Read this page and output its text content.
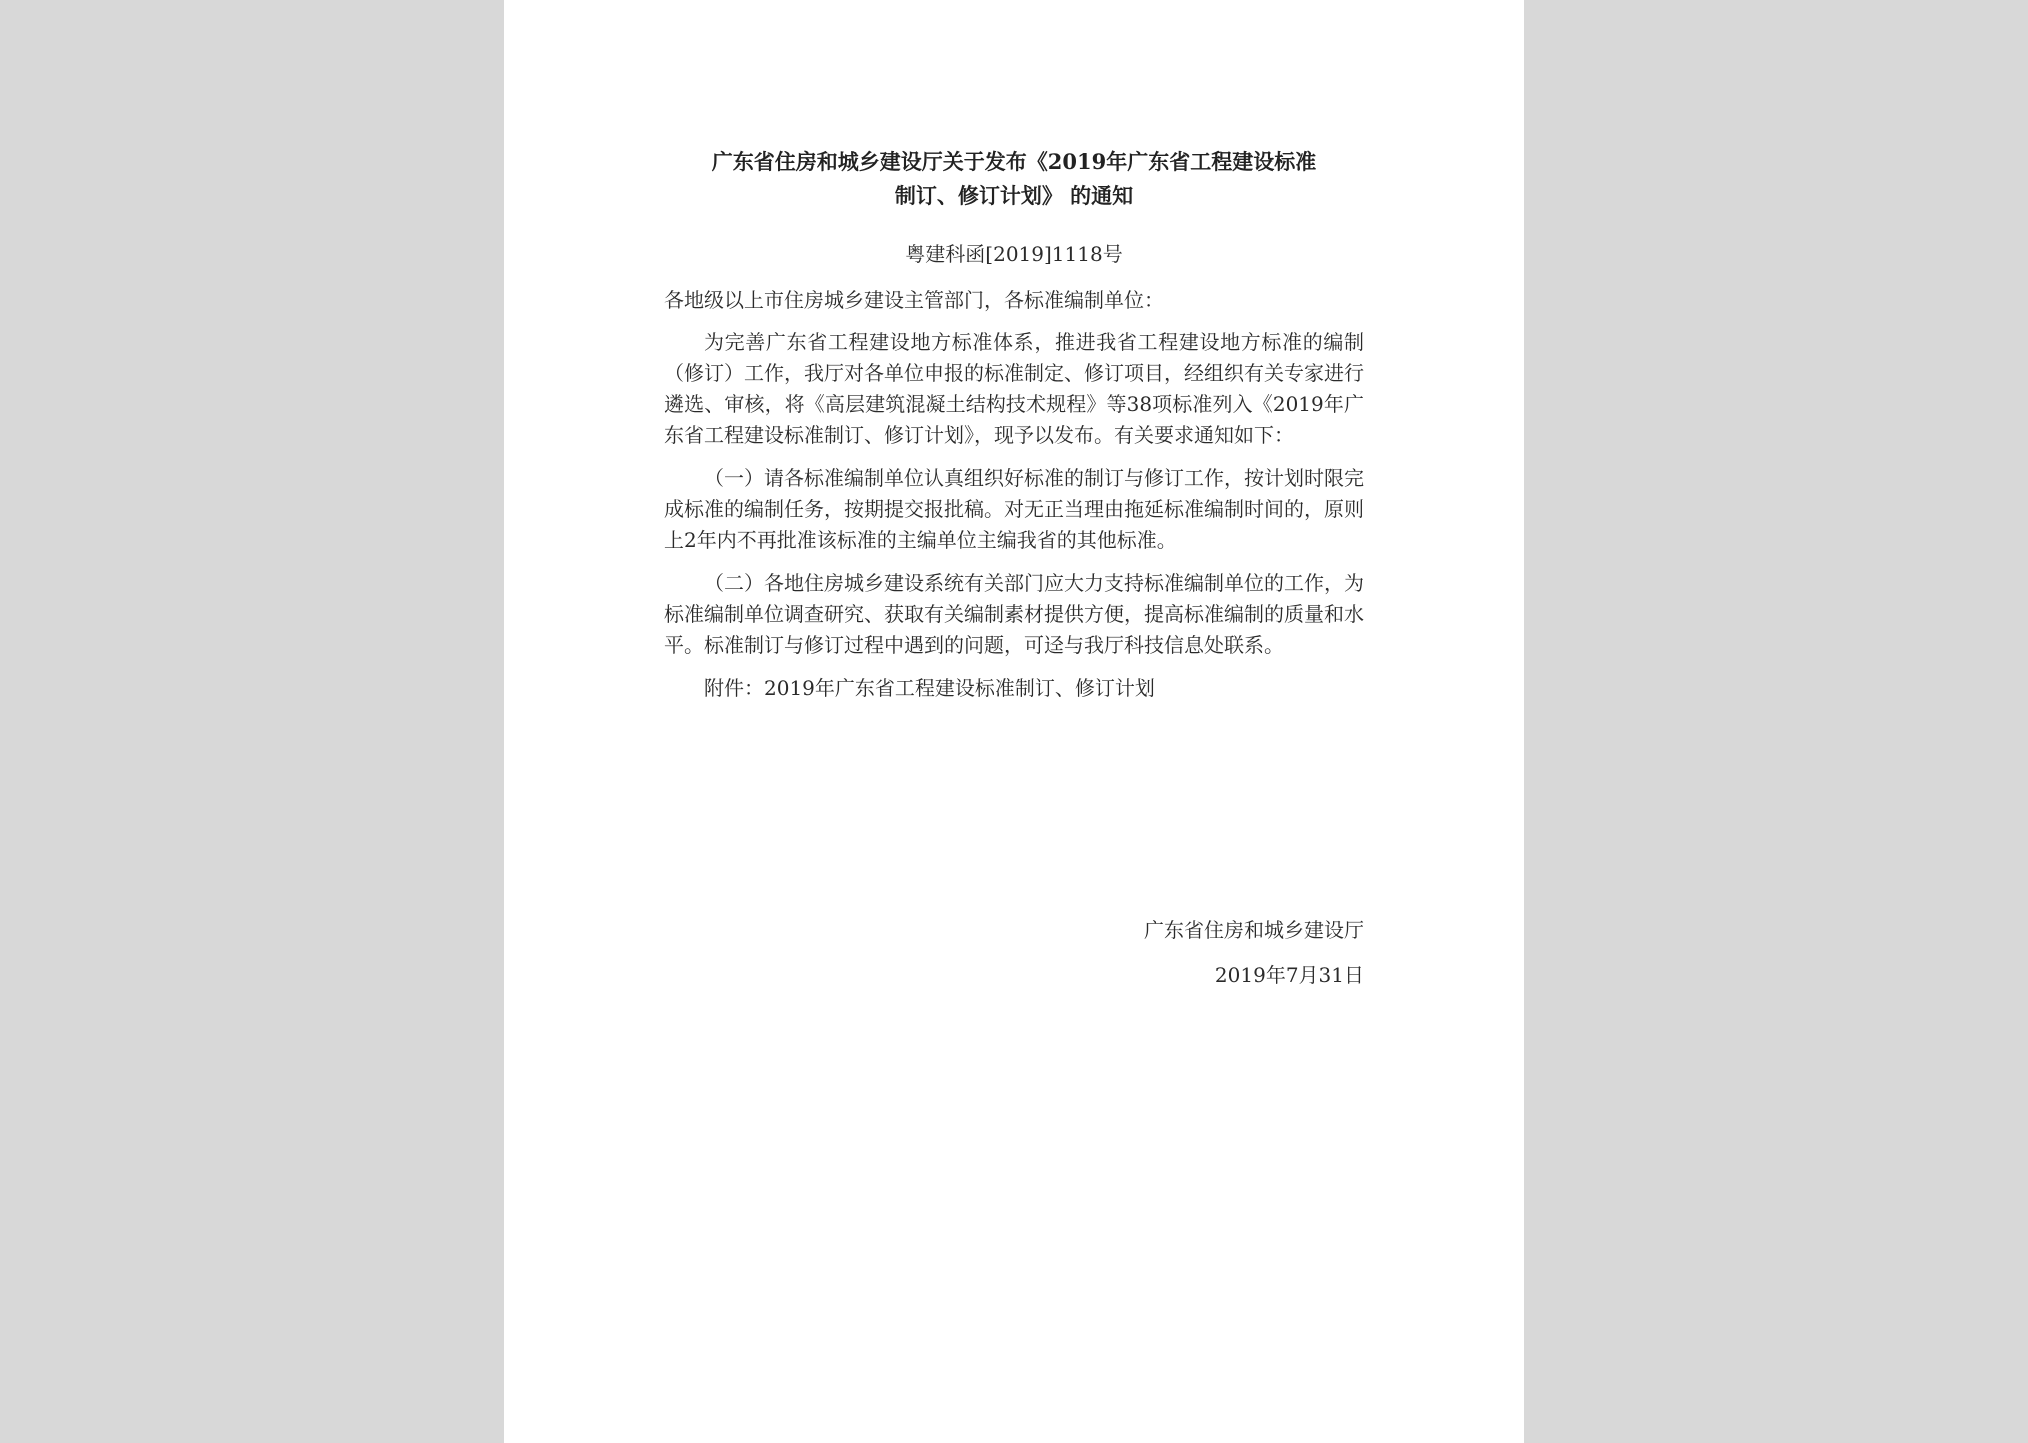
广东省住房和城乡建设厅关于发布《2019年广东省工程建设标准
制订、修订计划》 的通知

粤建科函[2019]1118号

各地级以上市住房城乡建设主管部门，各标准编制单位：

为完善广东省工程建设地方标准体系，推进我省工程建设地方标准的编制（修订）工作，我厅对各单位申报的标准制定、修订项目，经组织有关专家进行遴选、审核，将《高层建筑混凝土结构技术规程》等38项标准列入《2019年广东省工程建设标准制订、修订计划》，现予以发布。有关要求通知如下：

（一）请各标准编制单位认真组织好标准的制订与修订工作，按计划时限完成标准的编制任务，按期提交报批稿。对无正当理由拖延标准编制时间的，原则上2年内不再批准该标准的主编单位主编我省的其他标准。

（二）各地住房城乡建设系统有关部门应大力支持标准编制单位的工作，为标准编制单位调查研究、获取有关编制素材提供方便，提高标准编制的质量和水平。标准制订与修订过程中遇到的问题，可迳与我厅科技信息处联系。

附件：2019年广东省工程建设标准制订、修订计划

广东省住房和城乡建设厅
2019年7月31日
